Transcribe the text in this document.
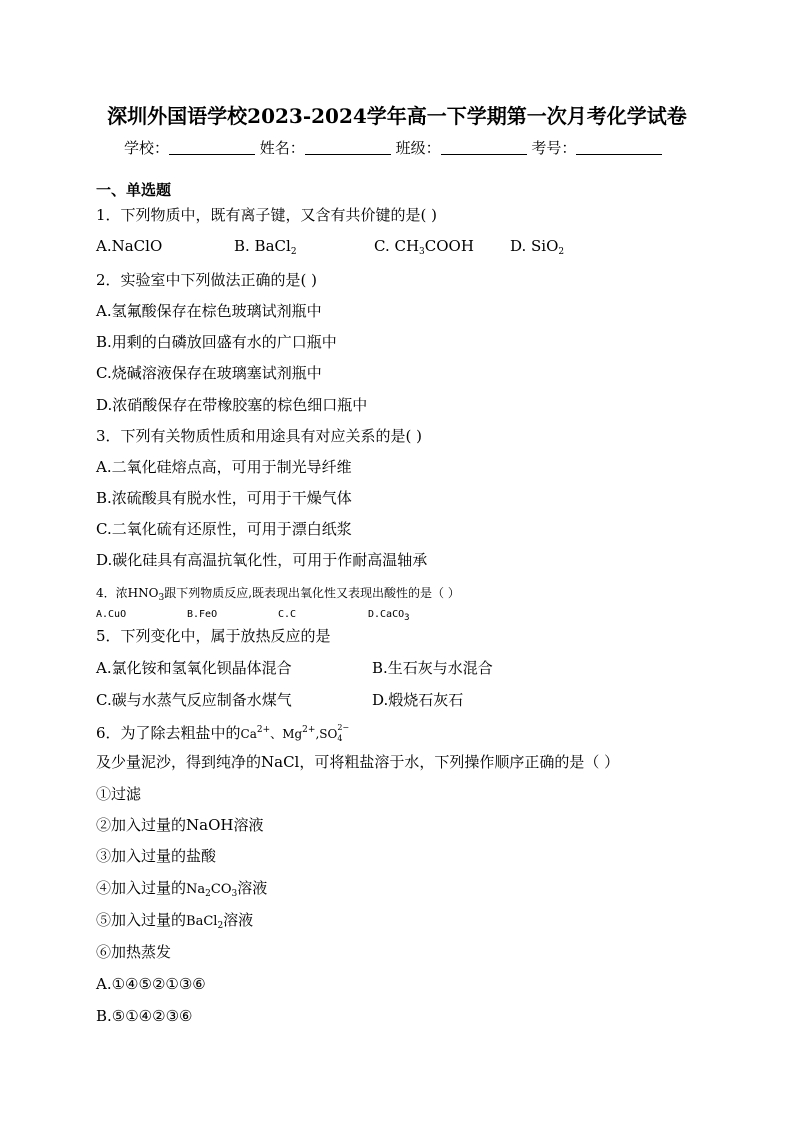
深圳外国语学校2023-2024学年高一下学期第一次月考化学试卷
学校：	姓名：	班级：	考号：
一、单选题
1．下列物质中，既有离子键，又含有共价键的是( )
A.NaClO	B. BaCl$_2$	C. $CH_3COOH$ D. SiO$_2$
2．实验室中下列做法正确的是( )
A.氢氟酸保存在棕色玻璃试剂瓶中
B.用剩的白磷放回盛有水的广口瓶中
C.烧碱溶液保存在玻璃塞试剂瓶中
D.浓硝酸保存在带橡胶塞的棕色细口瓶中
3．下列有关物质性质和用途具有对应关系的是( )
A.二氧化硅熔点高，可用于制光导纤维
B.浓硫酸具有脱水性，可用于干燥气体
C.二氧化硫有还原性，可用于漂白纸浆
D.碳化硅具有高温抗氧化性，可用于作耐高温轴承
4．浓$HNO_3$跟下列物质反应,既表现出氧化性又表现出酸性的是（ ）
A.CuO	B.FeO	C.C	D.CaCO$_3$
5．下列变化中，属于放热反应的是
A.氯化铵和氢氧化钡晶体混合	B.生石灰与水混合
C.碳与水蒸气反应制备水煤气	D.煅烧石灰石
6．为了除去粗盐中的$Ca^{2+}$、$Mg^{2+},SO$ 2−
4
及少量泥沙，得到纯净的NaCl，可将粗盐溶于水，下列操作顺序正确的是（ ）
①过滤
②加入过量的NaOH溶液
③加入过量的盐酸
④加入过量的$Na_2CO_3$溶液
⑤加入过量的BaCl$_2$溶液
⑥加热蒸发
A.①④⑤②①③⑥
B.⑤①④②③⑥
